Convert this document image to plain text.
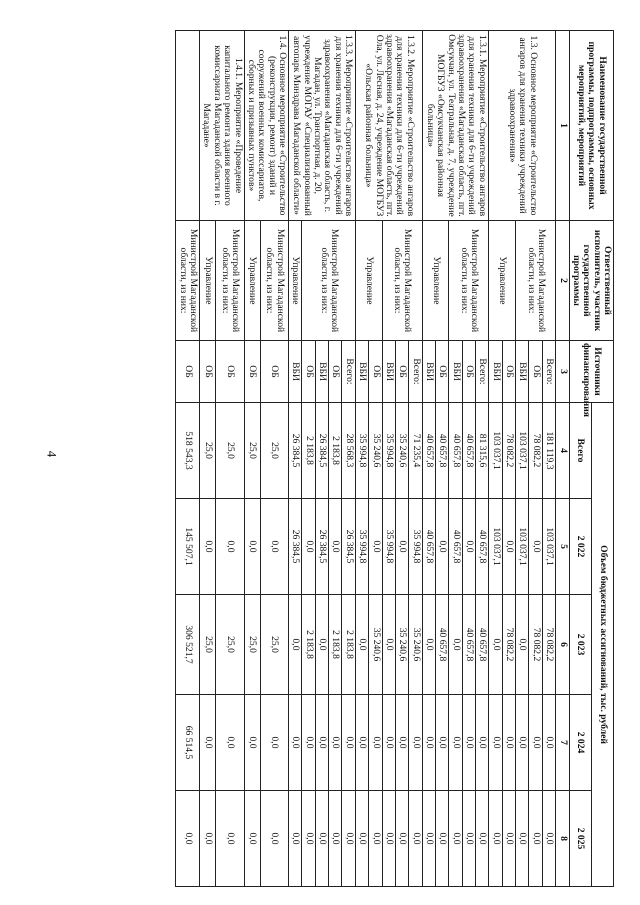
4
Наименование государственной программы, подпрограммы, основных мероприятий, мероприятий	Ответственный исполнитель, участник государственной программы	Источники финансирования	Объем бюджетных ассигнований, тыс. рублей				
			Всего	2 022	2 023	2 024	2 025
1	2	3	4	5	6	7	8
1.3. Основное мероприятие «Строительство ангаров для хранения техники учреждений здравоохранения»	Министрой Магаданской области, из них:	Всего:	181 119,3	103 037,1	78 082,2	0,0	0,0
		ОБ	78 082,2	0,0	78 082,2	0,0	0,0
		ВБИ	103 037,1	103 037,1	0,0	0,0	0,0
	Управление	ОБ	78 082,2	0,0	78 082,2	0,0	0,0
		ВБИ	103 037,1	103 037,1	0,0	0,0	0,0
1.3.1. Мероприятие «Строительство ангаров для хранения техники для 6-ти учреждений здравоохранения «Магаданская область, пгт. Омсукчан, ул. Театральная, д. 7, учреждение МОГБУЗ «Омсукчанская районная больница»	Министрой Магаданской области, из них:	Всего:	81 315,6	40 657,8	40 657,8	0,0	0,0
		ОБ	40 657,8	0,0	40 657,8	0,0	0,0
		ВБИ	40 657,8	40 657,8	0,0	0,0	0,0
	Управление	ОБ	40 657,8	0,0	40 657,8	0,0	0,0
		ВБИ	40 657,8	40 657,8	0,0	0,0	0,0
1.3.2. Мероприятие «Строительство ангаров для хранения техники для 6-ти учреждений здравоохранения «Магаданская область, пгт. Ола, ул. Лесная, д. 24, учреждение МОГБУЗ «Ольская районная больница»	Министрой Магаданской области, из них:	Всего:	71 235,4	35 994,8	35 240,6	0,0	0,0
		ОБ	35 240,6	0,0	35 240,6	0,0	0,0
		ВБИ	35 994,8	35 994,8	0,0	0,0	0,0
	Управление	ОБ	35 240,6	0,0	35 240,6	0,0	0,0
		ВБИ	35 994,8	35 994,8	0,0	0,0	0,0
1.3.3. Мероприятие «Строительство ангаров для хранения техники для 6-ти учреждений здравоохранения «Магаданская область, г. Магадан, ул. Транспортная, д. 20, учреждение МОГАУ «Специализированный автопарк Минздрава Магаданской области»	Министрой Магаданской области, из них:	Всего:	28 568,3	26 384,5	2 183,8	0,0	0,0
		ОБ	2 183,8	0,0	2 183,8	0,0	0,0
		ВБИ	26 384,5	26 384,5	0,0	0,0	0,0
		ОБ	2 183,8	0,0	2 183,8	0,0	0,0
	Управление	ВБИ	26 384,5	26 384,5	0,0	0,0	0,0
1.4. Основное мероприятие «Строительство (реконструкция, ремонт) зданий и сооружений военных комиссариатов, сборных и призывных пунктов»	Министрой Магаданской области, из них:	ОБ	25,0	0,0	25,0	0,0	0,0
	Управление	ОБ	25,0	0,0	25,0	0,0	0,0
1.4.1. Мероприятие «Проведение капитального ремонта здания военного комиссариата Магаданской области в г. Магадане»	Министрой Магаданской области, из них:	ОБ	25,0	0,0	25,0	0,0	0,0
	Управление	ОБ	25,0	0,0	25,0	0,0	0,0
	Министрой Магаданской области, из них:	ОБ	518 543,3	145 507,1	306 521,7	66 514,5	0,0
